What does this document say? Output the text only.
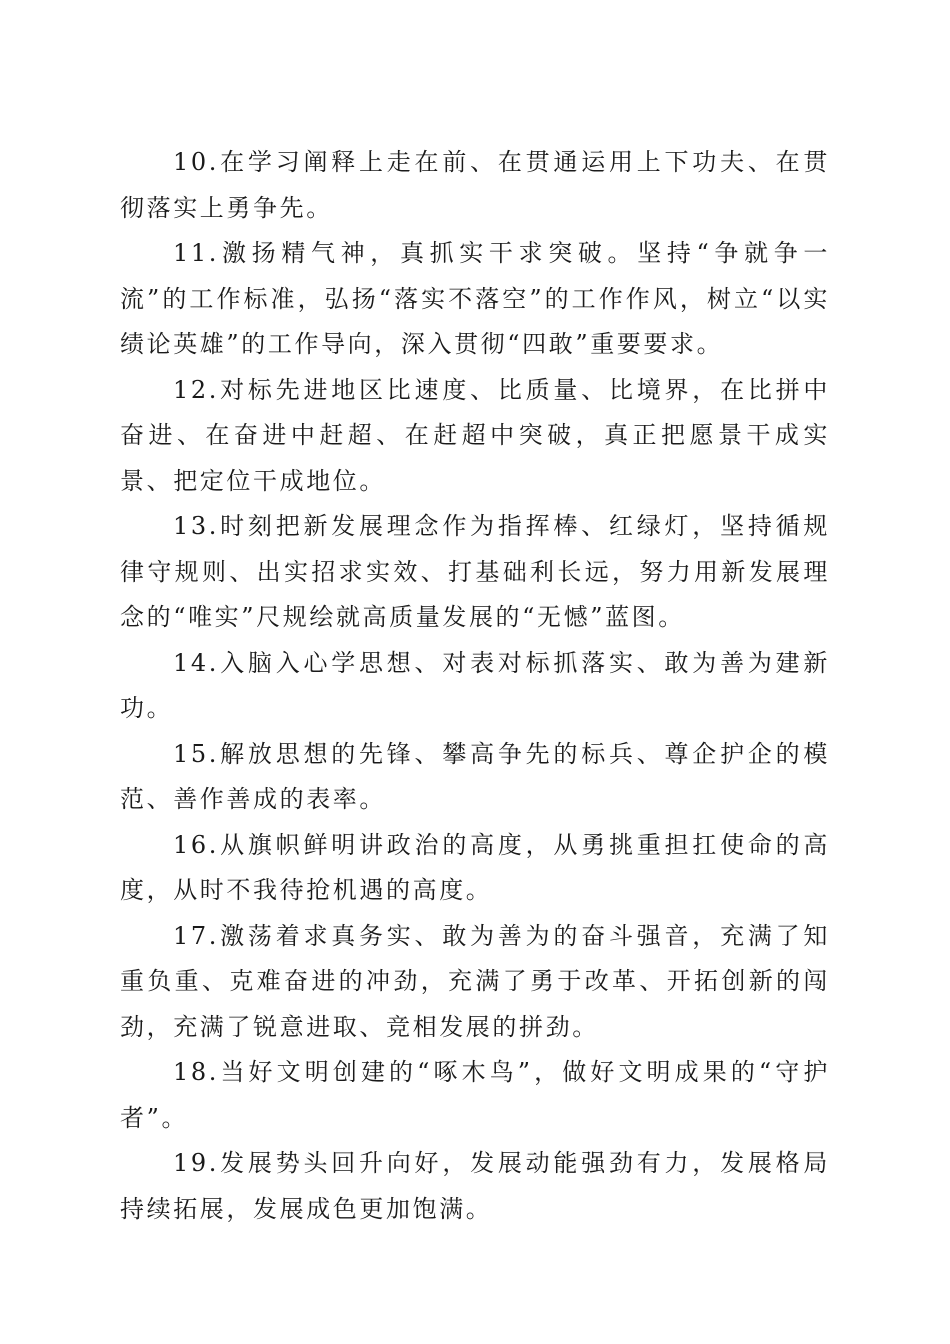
10.在学习阐释上走在前、在贯通运用上下功夫、在贯彻落实上勇争先。

11.激扬精气神，真抓实干求突破。坚持“争就争一流”的工作标准，弘扬“落实不落空”的工作作风，树立“以实绩论英雄”的工作导向，深入贯彻“四敢”重要要求。

12.对标先进地区比速度、比质量、比境界，在比拼中奋进、在奋进中赶超、在赶超中突破，真正把愿景干成实景、把定位干成地位。

13.时刻把新发展理念作为指挥棒、红绿灯，坚持循规律守规则、出实招求实效、打基础利长远，努力用新发展理念的“唯实”尺规绘就高质量发展的“无憾”蓝图。

14.入脑入心学思想、对表对标抓落实、敢为善为建新功。

15.解放思想的先锋、攀高争先的标兵、尊企护企的模范、善作善成的表率。

16.从旗帜鲜明讲政治的高度，从勇挑重担扛使命的高度，从时不我待抢机遇的高度。

17.激荡着求真务实、敢为善为的奋斗强音，充满了知重负重、克难奋进的冲劲，充满了勇于改革、开拓创新的闯劲，充满了锐意进取、竞相发展的拼劲。

18.当好文明创建的“啄木鸟”，做好文明成果的“守护者”。

19.发展势头回升向好，发展动能强劲有力，发展格局持续拓展，发展成色更加饱满。
